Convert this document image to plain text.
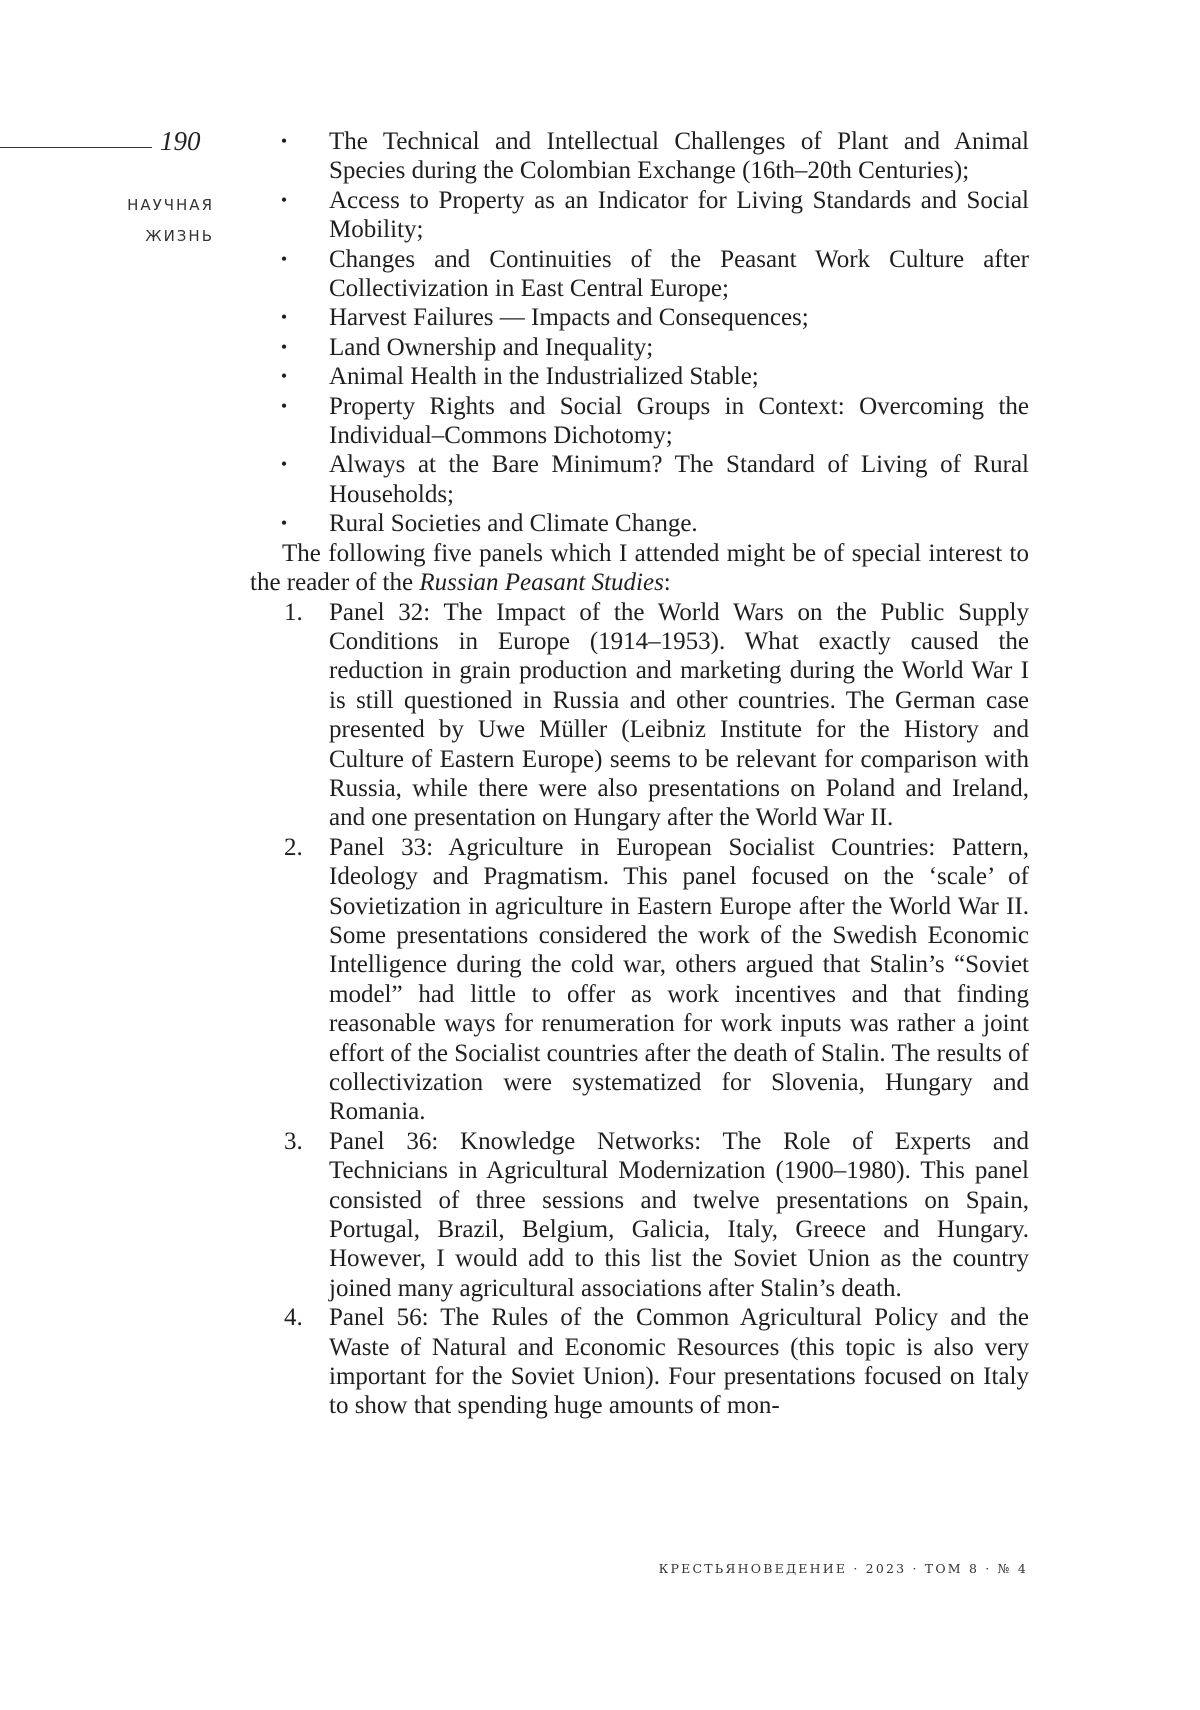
190
НАУЧНАЯ
ЖИЗНЬ
• The Technical and Intellectual Challenges of Plant and Animal Species during the Colombian Exchange (16th–20th Centuries);
• Access to Property as an Indicator for Living Standards and Social Mobility;
• Changes and Continuities of the Peasant Work Culture after Collectivization in East Central Europe;
• Harvest Failures — Impacts and Consequences;
• Land Ownership and Inequality;
• Animal Health in the Industrialized Stable;
• Property Rights and Social Groups in Context: Overcoming the Individual–Commons Dichotomy;
• Always at the Bare Minimum? The Standard of Living of Rural Households;
• Rural Societies and Climate Change.

The following five panels which I attended might be of special interest to the reader of the Russian Peasant Studies:

1. Panel 32: The Impact of the World Wars on the Public Supply Conditions in Europe (1914–1953). What exactly caused the reduction in grain production and marketing during the World War I is still questioned in Russia and other countries. The German case presented by Uwe Müller (Leibniz Institute for the History and Culture of Eastern Europe) seems to be relevant for comparison with Russia, while there were also presentations on Poland and Ireland, and one presentation on Hungary after the World War II.
2. Panel 33: Agriculture in European Socialist Countries: Pattern, Ideology and Pragmatism. This panel focused on the ‘scale’ of Sovietization in agriculture in Eastern Europe after the World War II. Some presentations considered the work of the Swedish Economic Intelligence during the cold war, others argued that Stalin’s “Soviet model” had little to offer as work incentives and that finding reasonable ways for renumeration for work inputs was rather a joint effort of the Socialist countries after the death of Stalin. The results of collectivization were systematized for Slovenia, Hungary and Romania.
3. Panel 36: Knowledge Networks: The Role of Experts and Technicians in Agricultural Modernization (1900–1980). This panel consisted of three sessions and twelve presentations on Spain, Portugal, Brazil, Belgium, Galicia, Italy, Greece and Hungary. However, I would add to this list the Soviet Union as the country joined many agricultural associations after Stalin’s death.
4. Panel 56: The Rules of the Common Agricultural Policy and the Waste of Natural and Economic Resources (this topic is also very important for the Soviet Union). Four presentations focused on Italy to show that spending huge amounts of mon-
КРЕСТЬЯНОВЕДЕНИЕ · 2023 · ТОМ 8 · № 4
